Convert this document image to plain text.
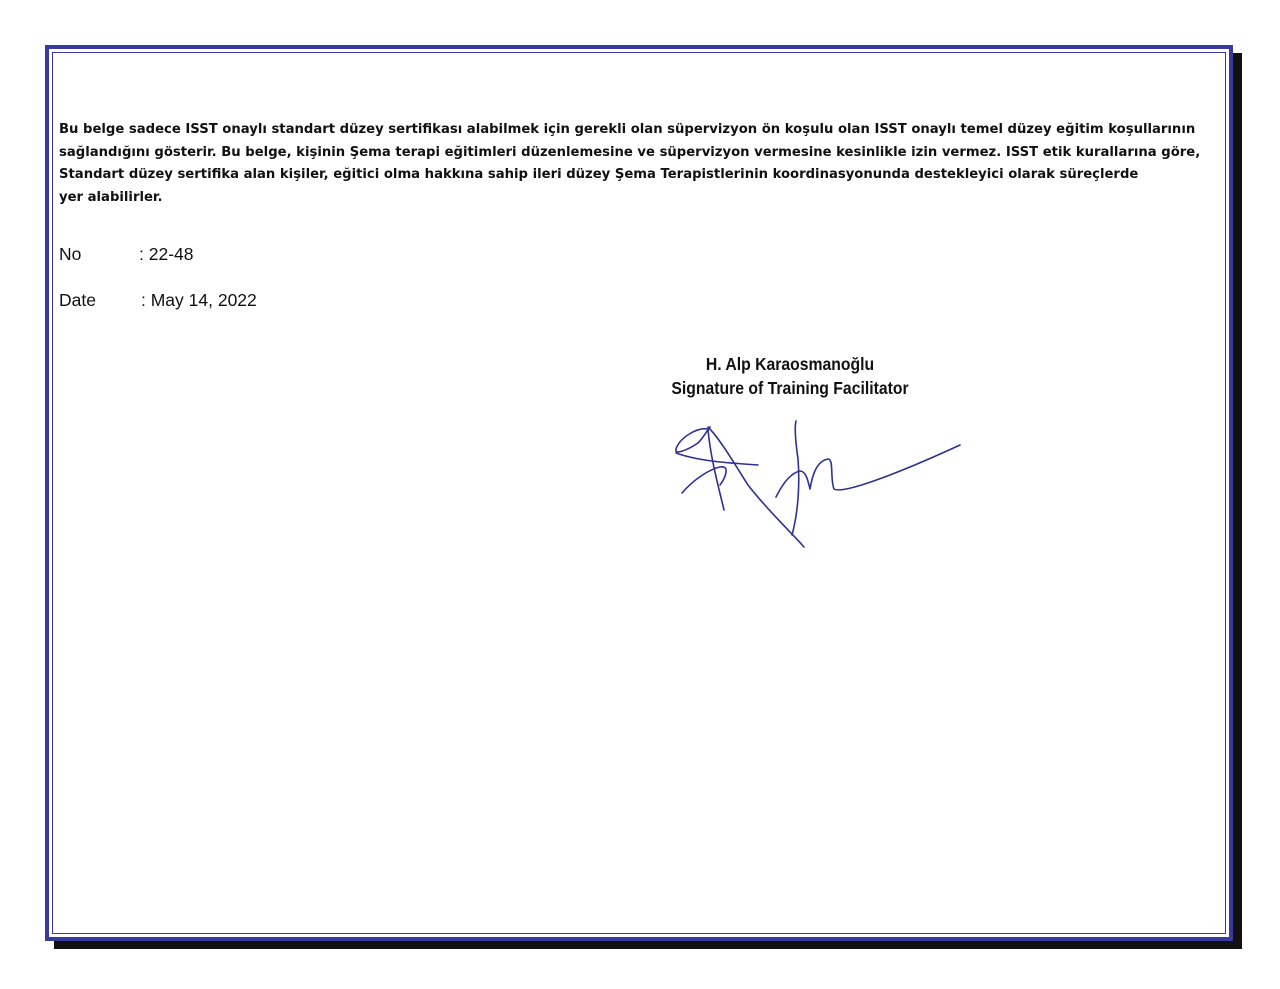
Bu belge sadece ISST onaylı standart düzey sertifikası alabilmek için gerekli olan süpervizyon ön koşulu olan ISST onaylı temel düzey eğitim koşullarının
sağlandığını gösterir. Bu belge, kişinin Şema terapi eğitimleri düzenlemesine ve süpervizyon vermesine kesinlikle izin vermez. ISST etik kurallarına göre,
Standart düzey sertifika alan kişiler, eğitici olma hakkına sahip ileri düzey Şema Terapistlerinin koordinasyonunda destekleyici olarak süreçlerde
yer alabilirler.
No	: 22-48
Date	: May 14, 2022
H. Alp Karaosmanoğlu
Signature of Training Facilitator
